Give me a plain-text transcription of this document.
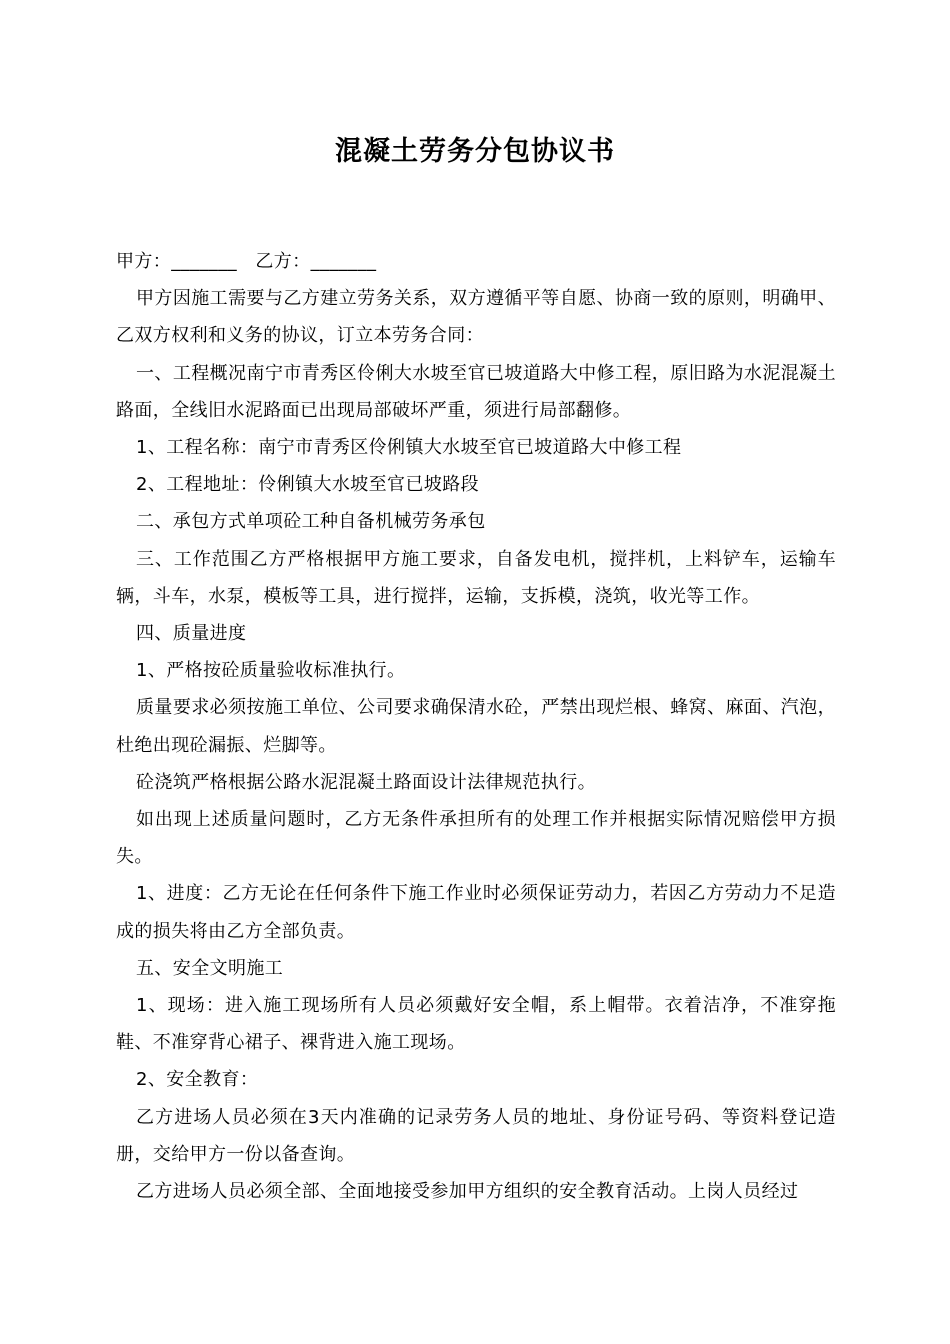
混凝土劳务分包协议书

甲方：_______   乙方：_______

甲方因施工需要与乙方建立劳务关系，双方遵循平等自愿、协商一致的原则，明确甲、乙双方权利和义务的协议，订立本劳务合同：

一、工程概况南宁市青秀区伶俐大水坡至官已坡道路大中修工程，原旧路为水泥混凝土路面，全线旧水泥路面已出现局部破坏严重，须进行局部翻修。

1、工程名称：南宁市青秀区伶俐镇大水坡至官已坡道路大中修工程

2、工程地址：伶俐镇大水坡至官已坡路段

二、承包方式单项砼工种自备机械劳务承包

三、工作范围乙方严格根据甲方施工要求，自备发电机，搅拌机，上料铲车，运输车辆，斗车，水泵，模板等工具，进行搅拌，运输，支拆模，浇筑，收光等工作。

四、质量进度

1、严格按砼质量验收标准执行。

质量要求必须按施工单位、公司要求确保清水砼，严禁出现烂根、蜂窝、麻面、汽泡，杜绝出现砼漏振、烂脚等。

砼浇筑严格根据公路水泥混凝土路面设计法律规范执行。

如出现上述质量问题时，乙方无条件承担所有的处理工作并根据实际情况赔偿甲方损失。

1、进度：乙方无论在任何条件下施工作业时必须保证劳动力，若因乙方劳动力不足造成的损失将由乙方全部负责。

五、安全文明施工

1、现场：进入施工现场所有人员必须戴好安全帽，系上帽带。衣着洁净，不准穿拖鞋、不准穿背心裙子、裸背进入施工现场。

2、安全教育：

乙方进场人员必须在3天内准确的记录劳务人员的地址、身份证号码、等资料登记造册，交给甲方一份以备查询。

乙方进场人员必须全部、全面地接受参加甲方组织的安全教育活动。上岗人员经过
